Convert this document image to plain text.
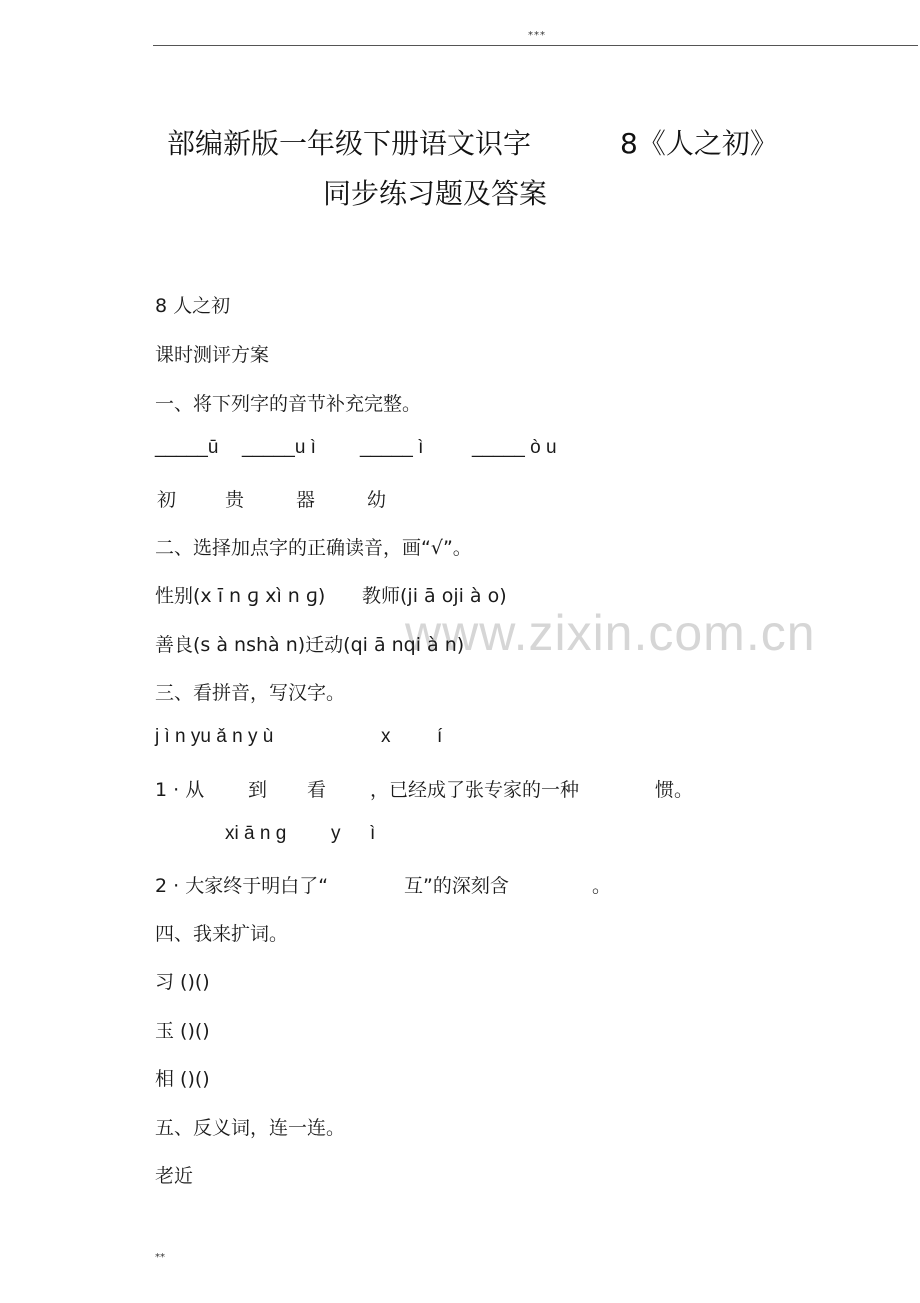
***
www.zixin.com.cn
部编新版一年级下册语文识字	8《人之初》
同步练习题及答案
8 人之初
课时测评方案
一、将下列字的音节补充完整。
_____ū _____u ì _____ ì	_____ ò u
初	贵	器	幼
二、选择加点字的正确读音，画“√”。
性别(x ī n ɡ xì n ɡ) 教师(ji ā oji à o)
善良(s à nshà n)迁动(qi ā nqi à n)
三、看拼音，写汉字。
j ì n yu ǎ n y ù	x í
1 · 从 到 看 ，已经成了张专家的一种	惯。
xi ā n ɡ y ì
2 · 大家终于明白了“	互”的深刻含	。
四、我来扩词。
习 ()()
玉 ()()
相 ()()
五、反义词，连一连。
老近
**
